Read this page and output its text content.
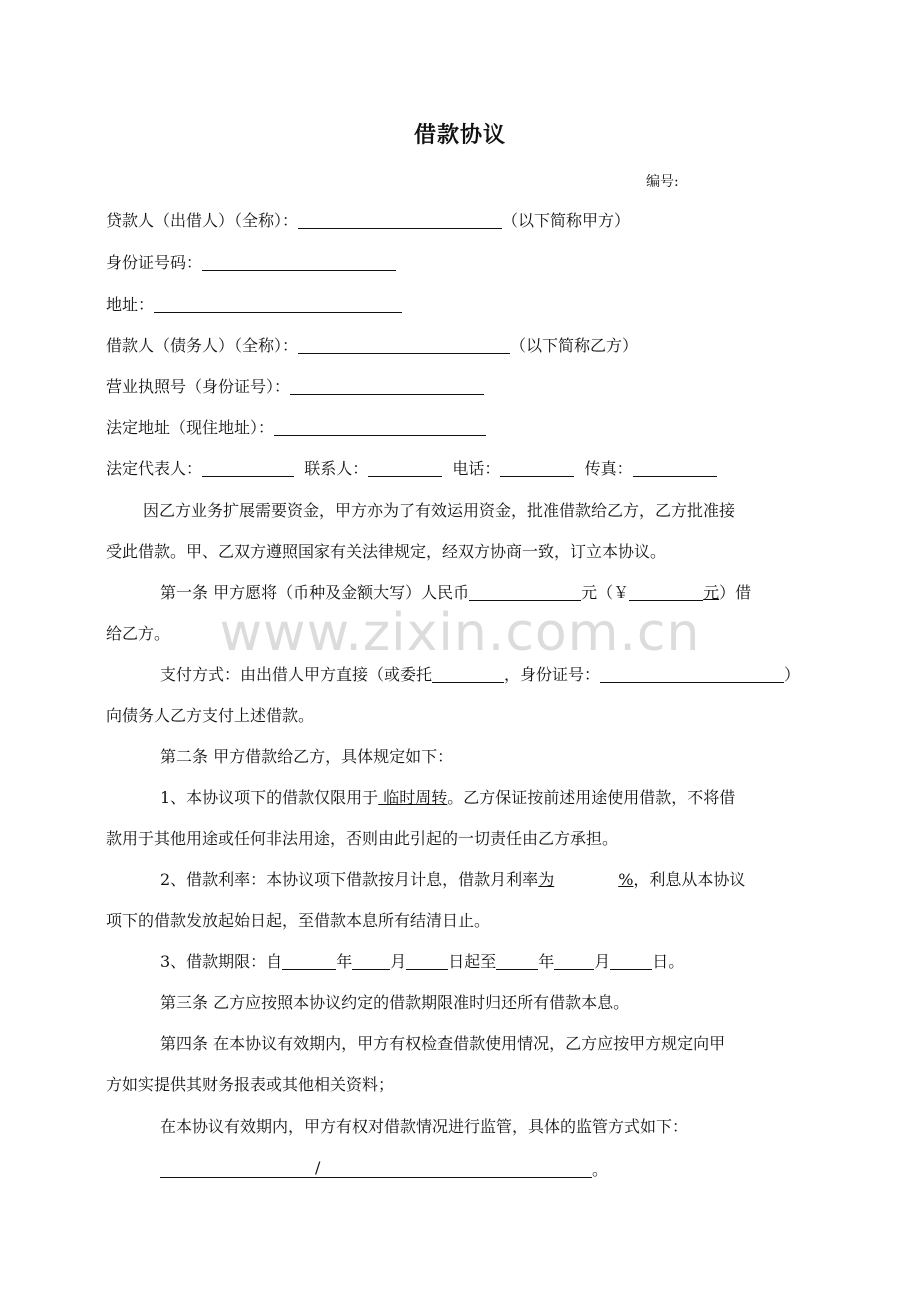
www.zixin.com.cn
借款协议
编号:
贷款人（出借人）（全称）：	（以下简称甲方）
身份证号码：
地址：
借款人（债务人）（全称）：	（以下简称乙方）
营业执照号（身份证号）：
法定地址（现住地址）：
法定代表人：	联系人：	电话：	传真：
因乙方业务扩展需要资金，甲方亦为了有效运用资金，批准借款给乙方，乙方批准接
受此借款。甲、乙双方遵照国家有关法律规定，经双方协商一致，订立本协议。
第一条 甲方愿将（币种及金额大写）人民币	元（￥	元）借
给乙方。
支付方式：由出借人甲方直接（或委托	，身份证号：	）
向债务人乙方支付上述借款。
第二条 甲方借款给乙方，具体规定如下：
1、本协议项下的借款仅限用于 临时周转。乙方保证按前述用途使用借款，不将借
款用于其他用途或任何非法用途，否则由此引起的一切责任由乙方承担。
2、借款利率：本协议项下借款按月计息，借款月利率为	%，利息从本协议
项下的借款发放起始日起，至借款本息所有结清日止。
3、借款期限：自	年 月	日起至	年	月	日。
第三条 乙方应按照本协议约定的借款期限准时归还所有借款本息。
第四条 在本协议有效期内，甲方有权检查借款使用情况，乙方应按甲方规定向甲
方如实提供其财务报表或其他相关资料；
在本协议有效期内，甲方有权对借款情况进行监管，具体的监管方式如下：
/	。
